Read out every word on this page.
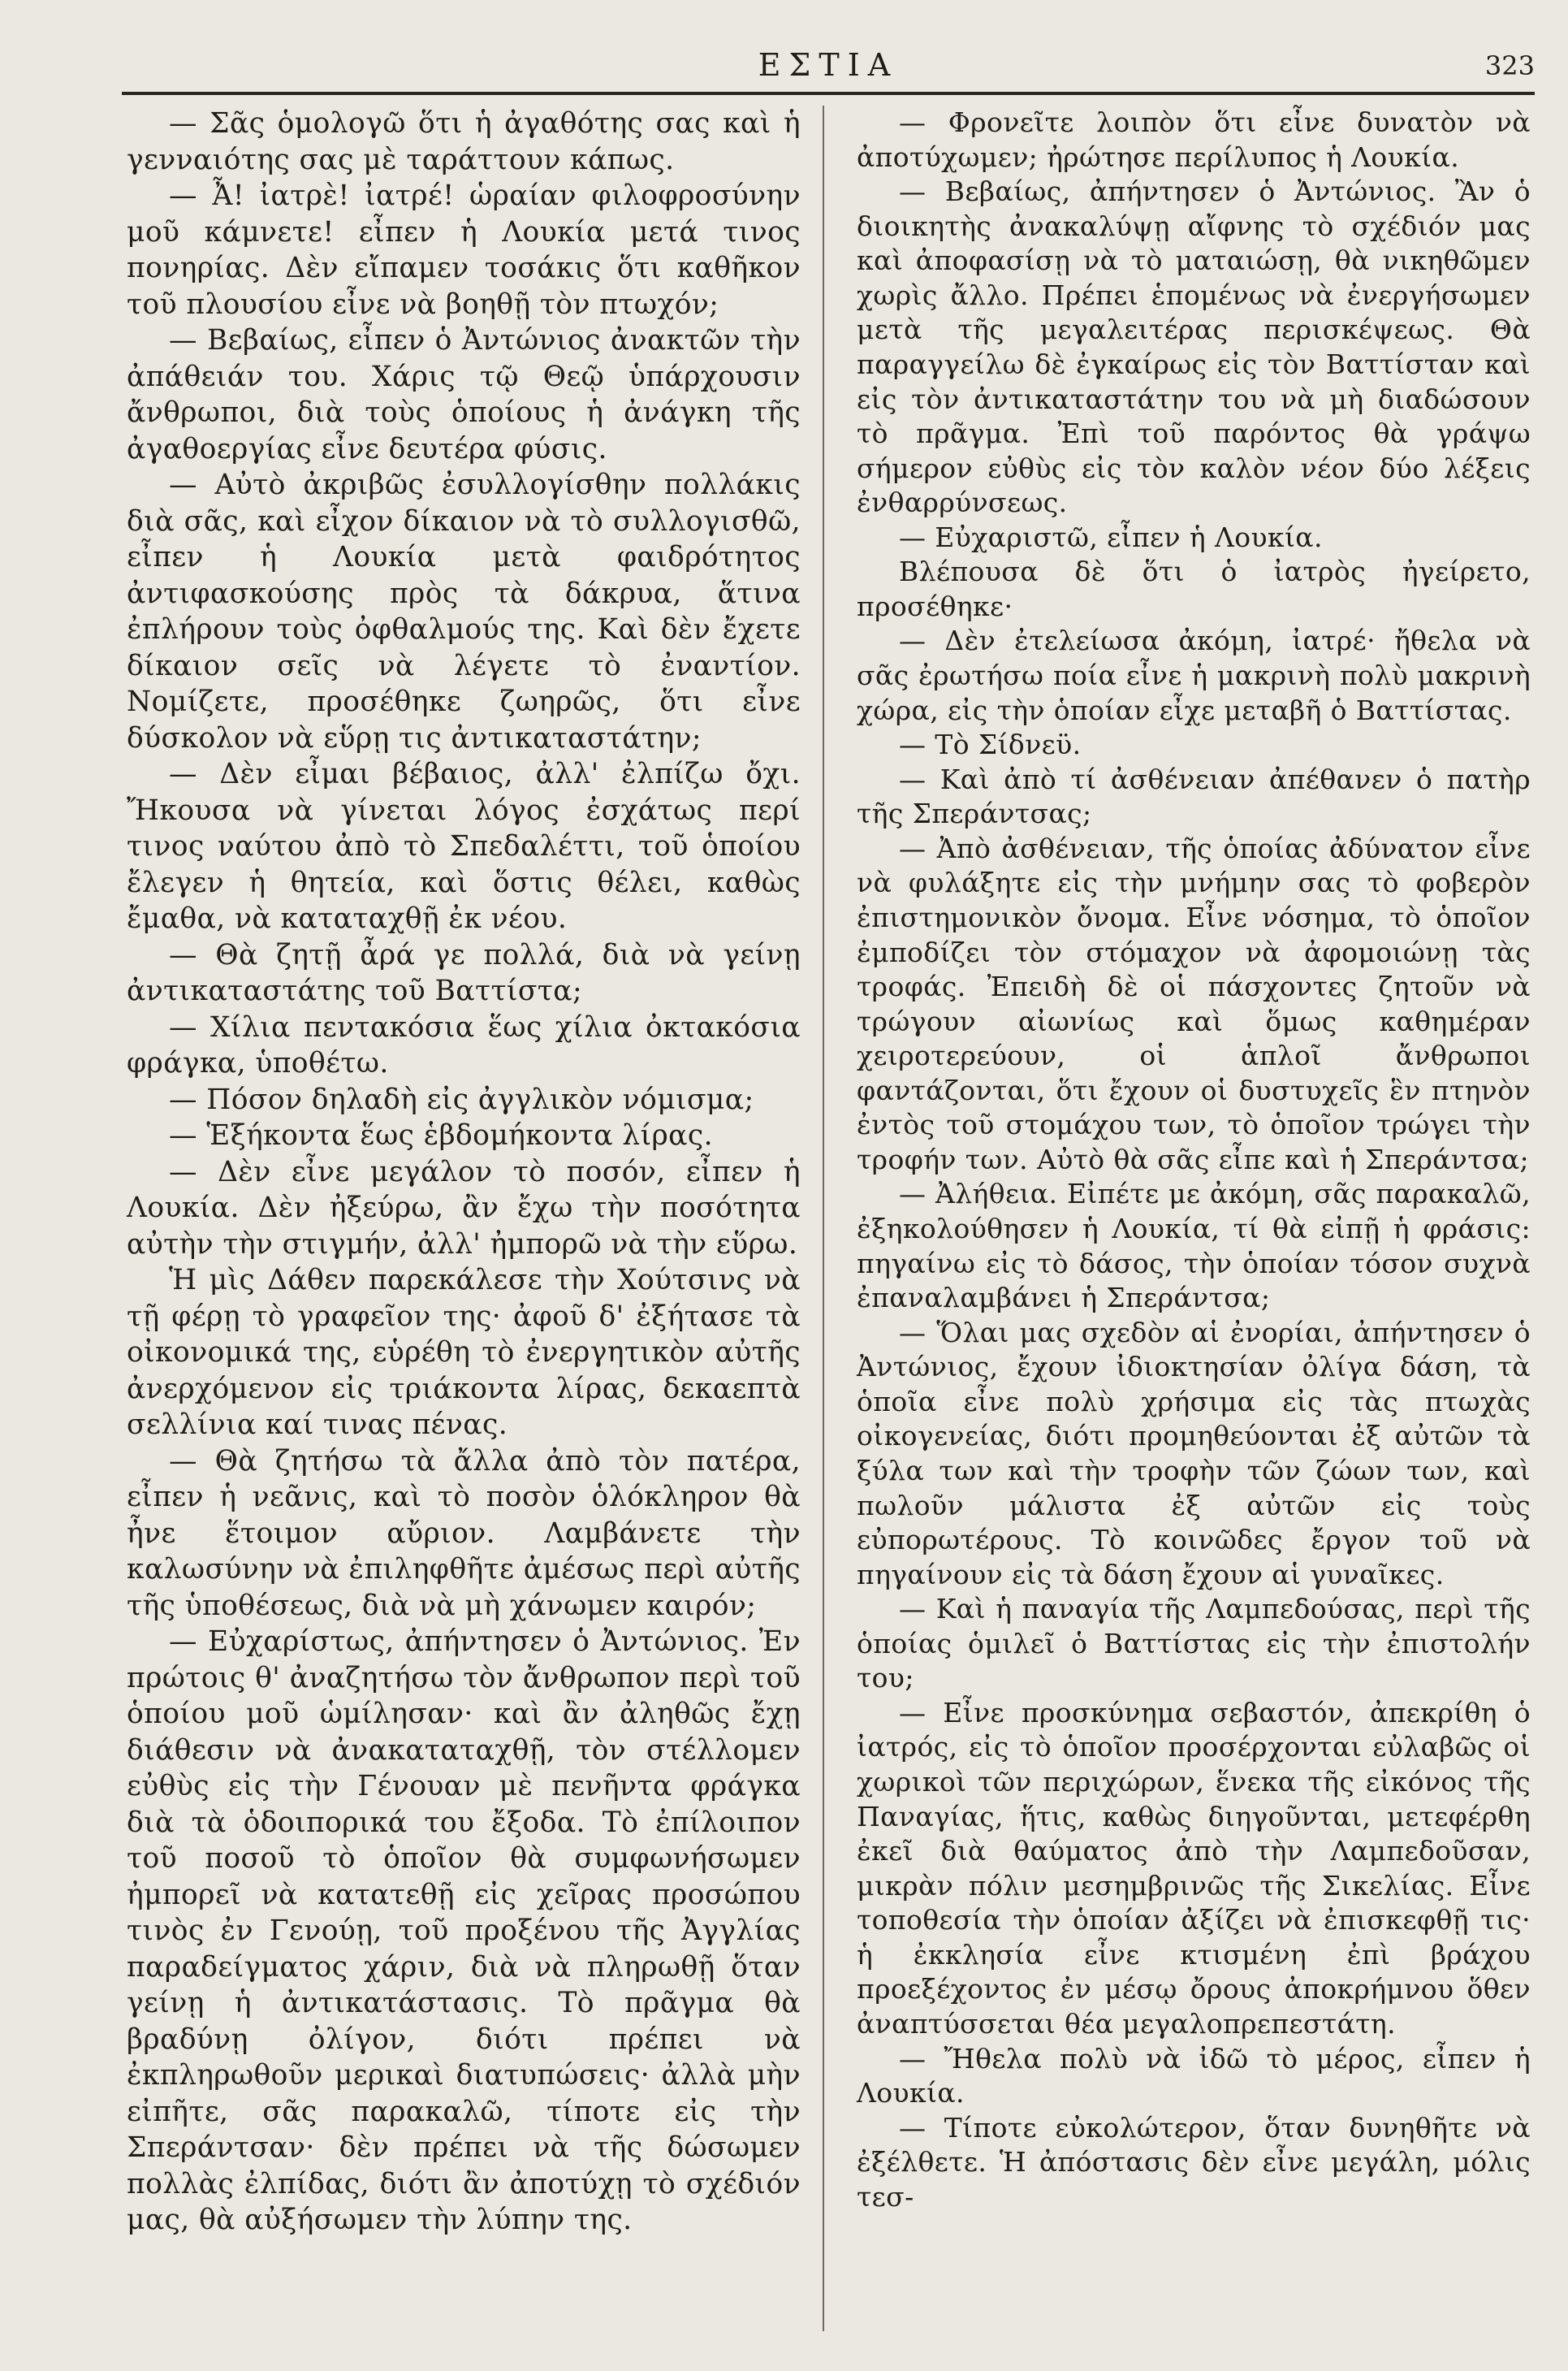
ΕΣΤΙΑ	323

— Σᾶς ὁμολογῶ ὅτι ἡ ἀγαθότης σας καὶ ἡ γενναιότης σας μὲ ταράττουν κάπως.

— Ἆ! ἰατρὲ! ἰατρέ! ὡραίαν φιλοφροσύνην μοῦ κάμνετε! εἶπεν ἡ Λουκία μετά τινος πονηρίας. Δὲν εἴπαμεν τοσάκις ὅτι καθῆκον τοῦ πλουσίου εἶνε νὰ βοηθῇ τὸν πτωχόν;

— Βεβαίως, εἶπεν ὁ Ἀντώνιος ἀνακτῶν τὴν ἀπάθειάν του. Χάρις τῷ Θεῷ ὑπάρχουσιν ἄνθρωποι, διὰ τοὺς ὁποίους ἡ ἀνάγκη τῆς ἀγαθοεργίας εἶνε δευτέρα φύσις.

— Αὐτὸ ἀκριβῶς ἐσυλλογίσθην πολλάκις διὰ σᾶς, καὶ εἶχον δίκαιον νὰ τὸ συλλογισθῶ, εἶπεν ἡ Λουκία μετὰ φαιδρότητος ἀντιφασκούσης πρὸς τὰ δάκρυα, ἅτινα ἐπλήρουν τοὺς ὀφθαλμούς της. Καὶ δὲν ἔχετε δίκαιον σεῖς νὰ λέγετε τὸ ἐναντίον. Νομίζετε, προσέθηκε ζωηρῶς, ὅτι εἶνε δύσκολον νὰ εὕρῃ τις ἀντικαταστάτην;

— Δὲν εἶμαι βέβαιος, ἀλλ' ἐλπίζω ὄχι. Ἤκουσα νὰ γίνεται λόγος ἐσχάτως περί τινος ναύτου ἀπὸ τὸ Σπεδαλέττι, τοῦ ὁποίου ἔλεγεν ἡ θητεία, καὶ ὅστις θέλει, καθὼς ἔμαθα, νὰ καταταχθῇ ἐκ νέου.

— Θὰ ζητῇ ἆρά γε πολλά, διὰ νὰ γείνῃ ἀντικαταστάτης τοῦ Βαττίστα;

— Χίλια πεντακόσια ἕως χίλια ὀκτακόσια φράγκα, ὑποθέτω.

— Πόσον δηλαδὴ εἰς ἀγγλικὸν νόμισμα;

— Ἑξήκοντα ἕως ἑβδομήκοντα λίρας.

— Δὲν εἶνε μεγάλον τὸ ποσόν, εἶπεν ἡ Λουκία. Δὲν ἠξεύρω, ἂν ἔχω τὴν ποσότητα αὐτὴν τὴν στιγμήν, ἀλλ' ἠμπορῶ νὰ τὴν εὕρω.

Ἡ μὶς Δάθεν παρεκάλεσε τὴν Χούτσινς νὰ τῇ φέρῃ τὸ γραφεῖον της· ἀφοῦ δ' ἐξήτασε τὰ οἰκονομικά της, εὑρέθη τὸ ἐνεργητικὸν αὐτῆς ἀνερχόμενον εἰς τριάκοντα λίρας, δεκαεπτὰ σελλίνια καί τινας πένας.

— Θὰ ζητήσω τὰ ἄλλα ἀπὸ τὸν πατέρα, εἶπεν ἡ νεᾶνις, καὶ τὸ ποσὸν ὁλόκληρον θὰ ἦνε ἕτοιμον αὔριον. Λαμβάνετε τὴν καλωσύνην νὰ ἐπιληφθῆτε ἀμέσως περὶ αὐτῆς τῆς ὑποθέσεως, διὰ νὰ μὴ χάνωμεν καιρόν;

— Εὐχαρίστως, ἀπήντησεν ὁ Ἀντώνιος. Ἐν πρώτοις θ' ἀναζητήσω τὸν ἄνθρωπον περὶ τοῦ ὁποίου μοῦ ὡμίλησαν· καὶ ἂν ἀληθῶς ἔχῃ διάθεσιν νὰ ἀνακαταταχθῇ, τὸν στέλλομεν εὐθὺς εἰς τὴν Γένουαν μὲ πενῆντα φράγκα διὰ τὰ ὁδοιπορικά του ἔξοδα. Τὸ ἐπίλοιπον τοῦ ποσοῦ τὸ ὁποῖον θὰ συμφωνήσωμεν ἠμπορεῖ νὰ κατατεθῇ εἰς χεῖρας προσώπου τινὸς ἐν Γενούῃ, τοῦ προξένου τῆς Ἀγγλίας παραδείγματος χάριν, διὰ νὰ πληρωθῇ ὅταν γείνῃ ἡ ἀντικατάστασις. Τὸ πρᾶγμα θὰ βραδύνῃ ὀλίγον, διότι πρέπει νὰ ἐκπληρωθοῦν μερικαὶ διατυπώσεις· ἀλλὰ μὴν εἰπῆτε, σᾶς παρακαλῶ, τίποτε εἰς τὴν Σπεράντσαν· δὲν πρέπει νὰ τῆς δώσωμεν πολλὰς ἐλπίδας, διότι ἂν ἀποτύχῃ τὸ σχέδιόν μας, θὰ αὐξήσωμεν τὴν λύπην της.

— Φρονεῖτε λοιπὸν ὅτι εἶνε δυνατὸν νὰ ἀποτύχωμεν; ἠρώτησε περίλυπος ἡ Λουκία.

— Βεβαίως, ἀπήντησεν ὁ Ἀντώνιος. Ἂν ὁ διοικητὴς ἀνακαλύψῃ αἴφνης τὸ σχέδιόν μας καὶ ἀποφασίσῃ νὰ τὸ ματαιώσῃ, θὰ νικηθῶμεν χωρὶς ἄλλο. Πρέπει ἑπομένως νὰ ἐνεργήσωμεν μετὰ τῆς μεγαλειτέρας περισκέψεως. Θὰ παραγγείλω δὲ ἐγκαίρως εἰς τὸν Βαττίσταν καὶ εἰς τὸν ἀντικαταστάτην του νὰ μὴ διαδώσουν τὸ πρᾶγμα. Ἐπὶ τοῦ παρόντος θὰ γράψω σήμερον εὐθὺς εἰς τὸν καλὸν νέον δύο λέξεις ἐνθαρρύνσεως.

— Εὐχαριστῶ, εἶπεν ἡ Λουκία.

Βλέπουσα δὲ ὅτι ὁ ἰατρὸς ἠγείρετο, προσέθηκε·

— Δὲν ἐτελείωσα ἀκόμη, ἰατρέ· ἤθελα νὰ σᾶς ἐρωτήσω ποία εἶνε ἡ μακρινὴ πολὺ μακρινὴ χώρα, εἰς τὴν ὁποίαν εἶχε μεταβῆ ὁ Βαττίστας.

— Τὸ Σίδνεϋ.

— Καὶ ἀπὸ τί ἀσθένειαν ἀπέθανεν ὁ πατὴρ τῆς Σπεράντσας;

— Ἀπὸ ἀσθένειαν, τῆς ὁποίας ἀδύνατον εἶνε νὰ φυλάξητε εἰς τὴν μνήμην σας τὸ φοβερὸν ἐπιστημονικὸν ὄνομα. Εἶνε νόσημα, τὸ ὁποῖον ἐμποδίζει τὸν στόμαχον νὰ ἀφομοιώνῃ τὰς τροφάς. Ἐπειδὴ δὲ οἱ πάσχοντες ζητοῦν νὰ τρώγουν αἰωνίως καὶ ὅμως καθημέραν χειροτερεύουν, οἱ ἁπλοῖ ἄνθρωποι φαντάζονται, ὅτι ἔχουν οἱ δυστυχεῖς ἓν πτηνὸν ἐντὸς τοῦ στομάχου των, τὸ ὁποῖον τρώγει τὴν τροφήν των. Αὐτὸ θὰ σᾶς εἶπε καὶ ἡ Σπεράντσα;

— Ἀλήθεια. Εἰπέτε με ἀκόμη, σᾶς παρακαλῶ, ἐξηκολούθησεν ἡ Λουκία, τί θὰ εἰπῇ ἡ φράσις: πηγαίνω εἰς τὸ δάσος, τὴν ὁποίαν τόσον συχνὰ ἐπαναλαμβάνει ἡ Σπεράντσα;

— Ὅλαι μας σχεδὸν αἱ ἐνορίαι, ἀπήντησεν ὁ Ἀντώνιος, ἔχουν ἰδιοκτησίαν ὀλίγα δάση, τὰ ὁποῖα εἶνε πολὺ χρήσιμα εἰς τὰς πτωχὰς οἰκογενείας, διότι προμηθεύονται ἐξ αὐτῶν τὰ ξύλα των καὶ τὴν τροφὴν τῶν ζώων των, καὶ πωλοῦν μάλιστα ἐξ αὐτῶν εἰς τοὺς εὐπορωτέρους. Τὸ κοινῶδες ἔργον τοῦ νὰ πηγαίνουν εἰς τὰ δάση ἔχουν αἱ γυναῖκες.

— Καὶ ἡ παναγία τῆς Λαμπεδούσας, περὶ τῆς ὁποίας ὁμιλεῖ ὁ Βαττίστας εἰς τὴν ἐπιστολήν του;

— Εἶνε προσκύνημα σεβαστόν, ἀπεκρίθη ὁ ἰατρός, εἰς τὸ ὁποῖον προσέρχονται εὐλαβῶς οἱ χωρικοὶ τῶν περιχώρων, ἕνεκα τῆς εἰκόνος τῆς Παναγίας, ἥτις, καθὼς διηγοῦνται, μετεφέρθη ἐκεῖ διὰ θαύματος ἀπὸ τὴν Λαμπεδοῦσαν, μικρὰν πόλιν μεσημβρινῶς τῆς Σικελίας. Εἶνε τοποθεσία τὴν ὁποίαν ἀξίζει νὰ ἐπισκεφθῇ τις· ἡ ἐκκλησία εἶνε κτισμένη ἐπὶ βράχου προεξέχοντος ἐν μέσῳ ὄρους ἀποκρήμνου ὅθεν ἀναπτύσσεται θέα μεγαλοπρεπεστάτη.

— Ἤθελα πολὺ νὰ ἰδῶ τὸ μέρος, εἶπεν ἡ Λουκία.

— Τίποτε εὐκολώτερον, ὅταν δυνηθῆτε νὰ ἐξέλθετε. Ἡ ἀπόστασις δὲν εἶνε μεγάλη, μόλις τεσ-
